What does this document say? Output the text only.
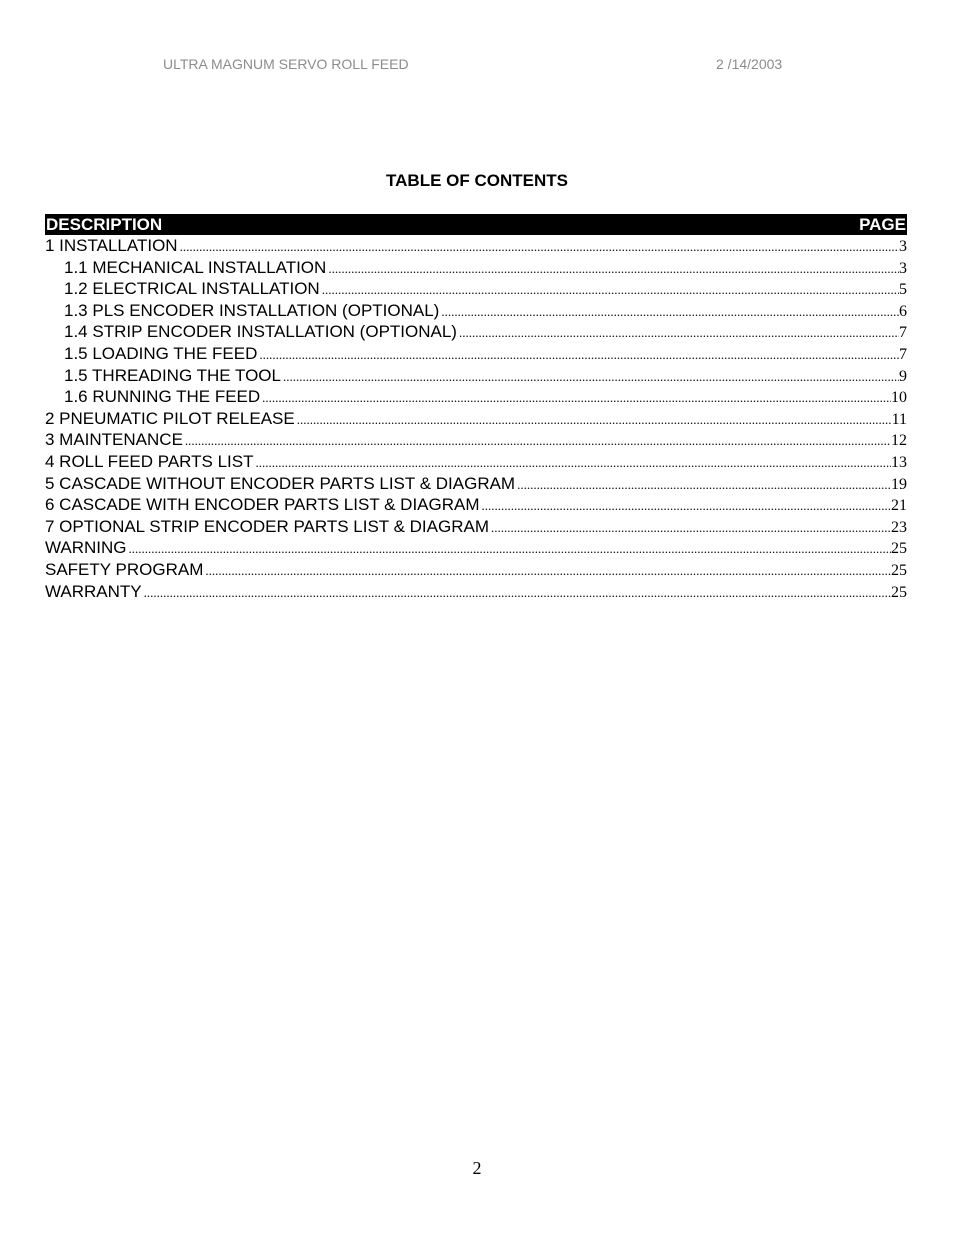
ULTRA MAGNUM SERVO ROLL FEED	2 /14/2003
TABLE OF CONTENTS
DESCRIPTION	PAGE
1 INSTALLATION .....	3
1.1 MECHANICAL INSTALLATION .....	3
1.2 ELECTRICAL INSTALLATION .....	5
1.3 PLS ENCODER INSTALLATION (OPTIONAL) .....	6
1.4 STRIP ENCODER INSTALLATION (OPTIONAL) .....	7
1.5 LOADING THE FEED .....	7
1.5 THREADING THE TOOL .....	9
1.6 RUNNING THE FEED .....	10
2 PNEUMATIC PILOT RELEASE .....	11
3 MAINTENANCE .....	12
4 ROLL FEED PARTS LIST .....	13
5 CASCADE WITHOUT ENCODER PARTS LIST & DIAGRAM .....	19
6 CASCADE WITH ENCODER PARTS LIST & DIAGRAM .....	21
7 OPTIONAL STRIP ENCODER PARTS LIST & DIAGRAM .....	23
WARNING .....	25
SAFETY PROGRAM .....	25
WARRANTY .....	25
2
